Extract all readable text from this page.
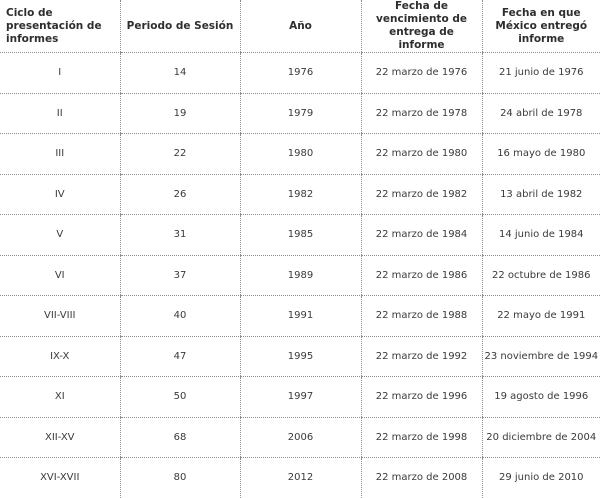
Ciclo de presentación de informes	Periodo de Sesión	Año	Fecha de vencimiento de entrega de informe	Fecha en que México entregó informe
I	14	1976	22 marzo de 1976	21 junio de 1976
II	19	1979	22 marzo de 1978	24 abril de 1978
III	22	1980	22 marzo de 1980	16 mayo de 1980
IV	26	1982	22 marzo de 1982	13 abril de 1982
V	31	1985	22 marzo de 1984	14 junio de 1984
VI	37	1989	22 marzo de 1986	22 octubre de 1986
VII-VIII	40	1991	22 marzo de 1988	22 mayo de 1991
IX-X	47	1995	22 marzo de 1992	23 noviembre de 1994
XI	50	1997	22 marzo de 1996	19 agosto de 1996
XII-XV	68	2006	22 marzo de 1998	20 diciembre de 2004
XVI-XVII	80	2012	22 marzo de 2008	29 junio de 2010
